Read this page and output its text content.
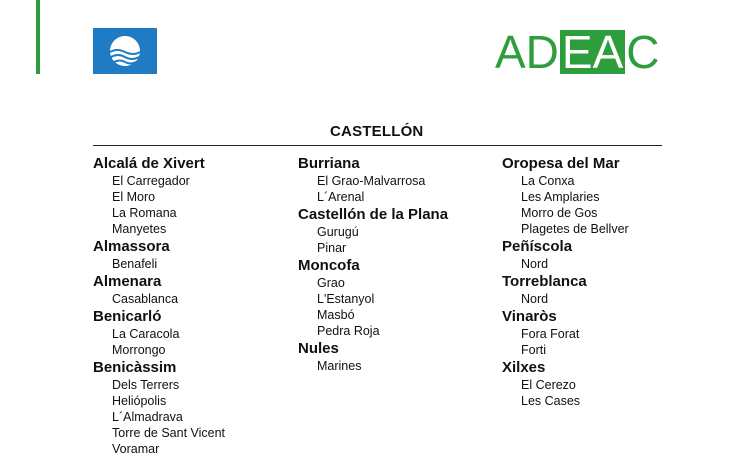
AD EA C
CASTELLÓN
Alcalá de Xivert
El Carregador
El Moro
La Romana
Manyetes
Almassora
Benafeli
Almenara
Casablanca
Benicarló
La Caracola
Morrongo
Benicàssim
Dels Terrers
Heliópolis
L´Almadrava
Torre de Sant Vicent
Voramar
Burriana
El Grao-Malvarrosa
L´Arenal
Castellón de la Plana
Gurugú
Pinar
Moncofa
Grao
L'Estanyol
Masbó
Pedra Roja
Nules
Marines
Oropesa del Mar
La Conxa
Les Amplaries
Morro de Gos
Plagetes de Bellver
Peñíscola
Nord
Torreblanca
Nord
Vinaròs
Fora Forat
Forti
Xilxes
El Cerezo
Les Cases
